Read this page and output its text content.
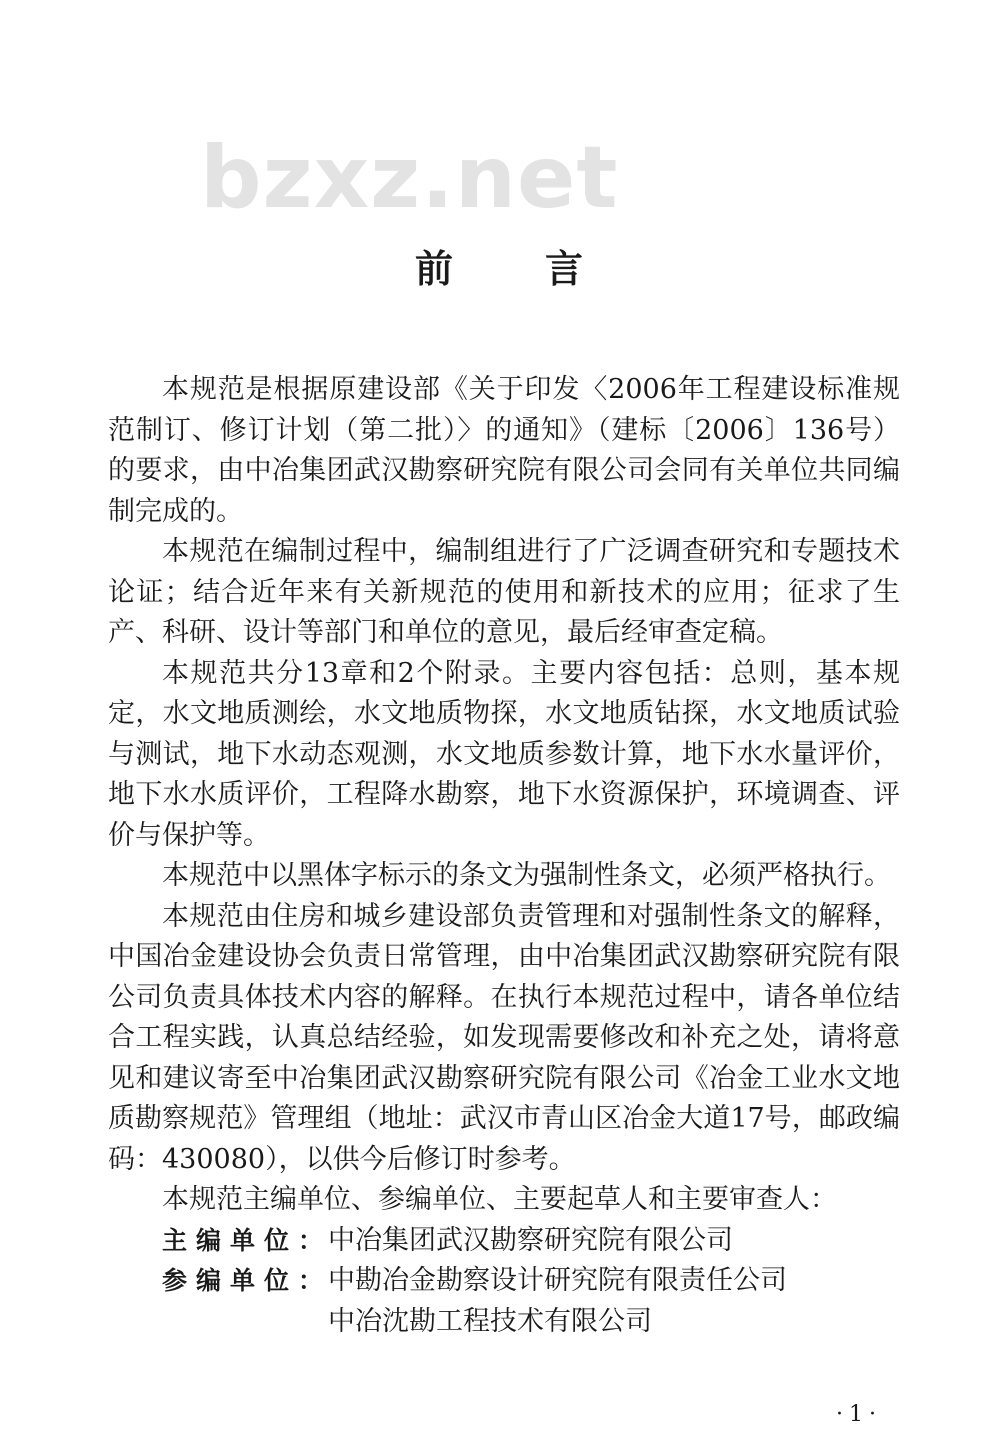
bzxz.net
前 言

本规范是根据原建设部《关于印发〈2006年工程建设标准规范制订、修订计划（第二批）〉的通知》（建标〔2006〕136号）的要求，由中冶集团武汉勘察研究院有限公司会同有关单位共同编制完成的。

本规范在编制过程中，编制组进行了广泛调查研究和专题技术论证；结合近年来有关新规范的使用和新技术的应用；征求了生产、科研、设计等部门和单位的意见，最后经审查定稿。

本规范共分13章和2个附录。主要内容包括：总则，基本规定，水文地质测绘，水文地质物探，水文地质钻探，水文地质试验与测试，地下水动态观测，水文地质参数计算，地下水水量评价，地下水水质评价，工程降水勘察，地下水资源保护，环境调查、评价与保护等。

本规范中以黑体字标示的条文为强制性条文，必须严格执行。

本规范由住房和城乡建设部负责管理和对强制性条文的解释，中国冶金建设协会负责日常管理，由中冶集团武汉勘察研究院有限公司负责具体技术内容的解释。在执行本规范过程中，请各单位结合工程实践，认真总结经验，如发现需要修改和补充之处，请将意见和建议寄至中冶集团武汉勘察研究院有限公司《冶金工业水文地质勘察规范》管理组（地址：武汉市青山区冶金大道17号，邮政编码：430080），以供今后修订时参考。

本规范主编单位、参编单位、主要起草人和主要审查人：

主编单位：
中冶集团武汉勘察研究院有限公司
参编单位：
中勘冶金勘察设计研究院有限责任公司
中冶沈勘工程技术有限公司
·1·
